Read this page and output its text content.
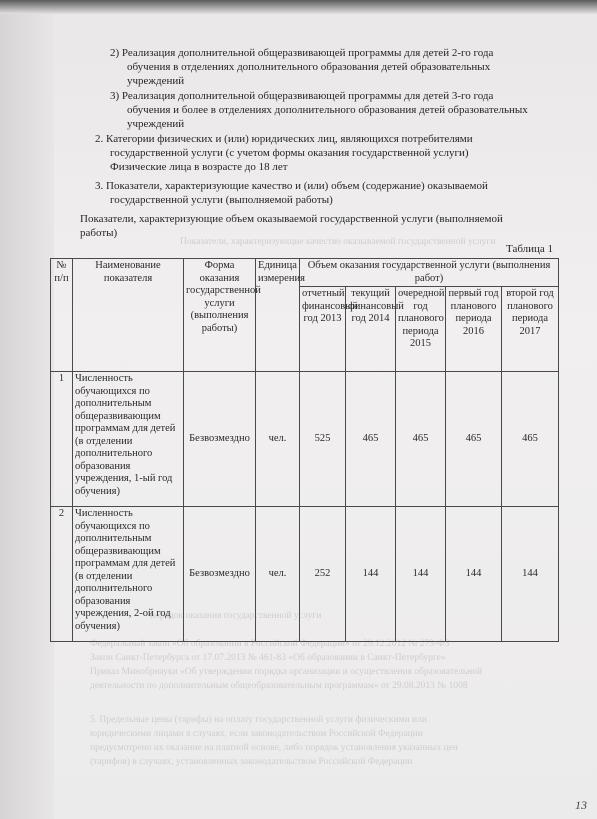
Показатели, характеризующие качество оказываемой государственной услуги
порядок оказания государственной услуги
Федеральный закон «Об образовании в Российской Федерации» от 29.12.2012 № 273-ФЗ
Закон Санкт-Петербурга от 17.07.2013 № 461-83 «Об образовании в Санкт-Петербурге»
Приказ Минобрнауки «Об утверждении порядка организации и осуществления образовательной
деятельности по дополнительным общеобразовательным программам» от 29.08.2013 № 1008
5. Предельные цены (тарифы) на оплату государственной услуги физическими или
юридическими лицами в случаях, если законодательством Российской Федерации
предусмотрено их оказание на платной основе, либо порядок установления указанных цен
(тарифов) в случаях, установленных законодательством Российской Федерации
2) Реализация дополнительной общеразвивающей программы для детей 2-го года
обучения в отделениях дополнительного образования детей образовательных
учреждений
3) Реализация дополнительной общеразвивающей программы для детей 3-го года
обучения и более в отделениях дополнительного образования детей образовательных
учреждений
2. Категории физических и (или) юридических лиц, являющихся потребителями
государственной услуги (с учетом формы оказания государственной услуги)
Физические лица в возрасте до 18 лет
3. Показатели, характеризующие качество и (или) объем (содержание) оказываемой
государственной услуги (выполняемой работы)
Показатели, характеризующие объем оказываемой государственной услуги (выполняемой
работы)
Таблица 1
№ п/п	Наименование показателя	Форма оказания государственной услуги (выполнения работы)	Единица измерения	Объем оказания государственной услуги (выполнения работ)				
				отчетный финансовый год 2013	текущий финансовый год 2014	очередной год планового периода 2015	первый год планового периода 2016	второй год планового периода 2017
1	Численность обучающихся по дополнительным общеразвивающим программам для детей (в отделении дополнительного образования учреждения, 1-ый год обучения)	Безвозмездно	чел.	525	465	465	465	465
2	Численность обучающихся по дополнительным общеразвивающим программам для детей (в отделении дополнительного образования учреждения, 2-ой год обучения)	Безвозмездно	чел.	252	144	144	144	144
13
